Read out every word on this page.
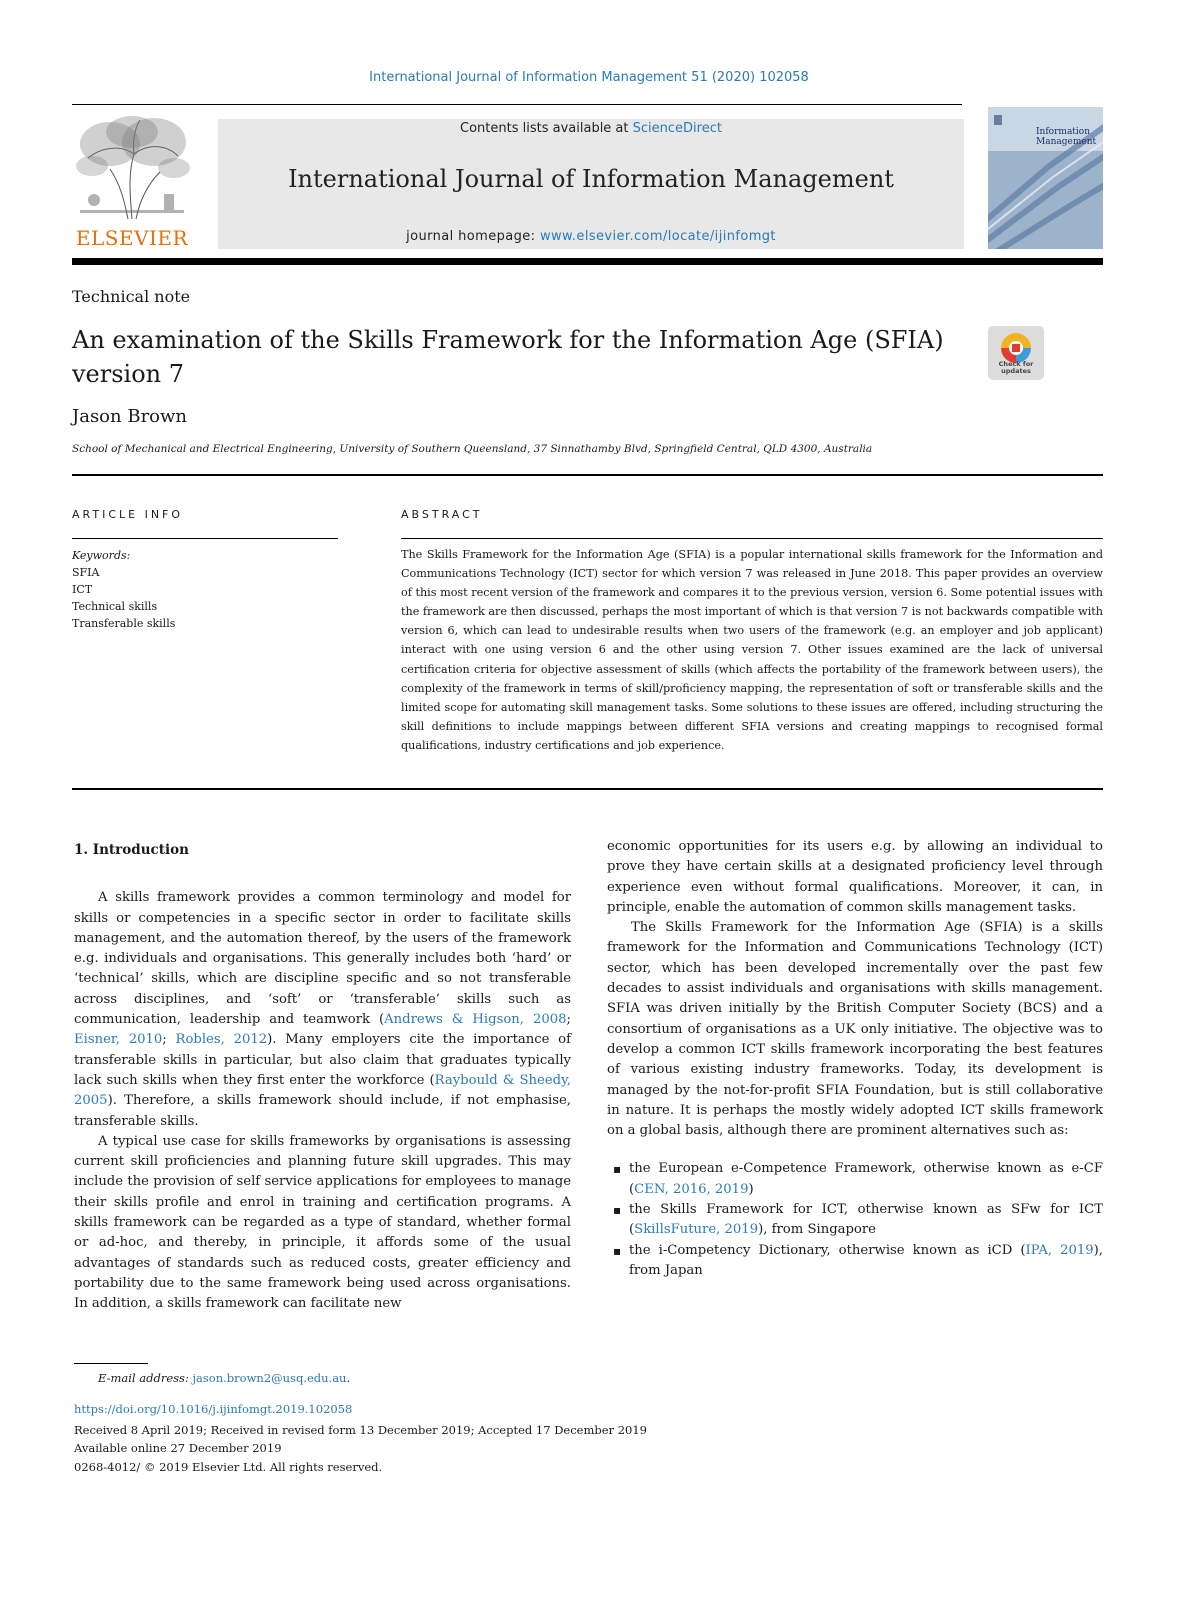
International Journal of Information Management 51 (2020) 102058
ELSEVIER
Contents lists available at ScienceDirect
International Journal of Information Management
journal homepage: www.elsevier.com/locate/ijinfomgt
Information
Management
Technical note
An examination of the Skills Framework for the Information Age (SFIA)
version 7	Check for updates
Jason Brown
School of Mechanical and Electrical Engineering, University of Southern Queensland, 37 Sinnathamby Blvd, Springfield Central, QLD 4300, Australia
ARTICLE INFO
Keywords:
SFIA
ICT
Technical skills
Transferable skills
ABSTRACT
The Skills Framework for the Information Age (SFIA) is a popular international skills framework for the Information and Communications Technology (ICT) sector for which version 7 was released in June 2018. This paper provides an overview of this most recent version of the framework and compares it to the previous version, version 6. Some potential issues with the framework are then discussed, perhaps the most important of which is that version 7 is not backwards compatible with version 6, which can lead to undesirable results when two users of the framework (e.g. an employer and job applicant) interact with one using version 6 and the other using version 7. Other issues examined are the lack of universal certification criteria for objective assessment of skills (which affects the portability of the framework between users), the complexity of the framework in terms of skill/proficiency mapping, the representation of soft or transferable skills and the limited scope for automating skill management tasks. Some solutions to these issues are offered, including structuring the skill definitions to include mappings between different SFIA versions and creating mappings to recognised formal qualifications, industry certifications and job experience.
1. Introduction

A skills framework provides a common terminology and model for skills or competencies in a specific sector in order to facilitate skills management, and the automation thereof, by the users of the framework e.g. individuals and organisations. This generally includes both ‘hard’ or ‘technical’ skills, which are discipline specific and so not transferable across disciplines, and ‘soft’ or ‘transferable’ skills such as communication, leadership and teamwork (Andrews & Higson, 2008; Eisner, 2010; Robles, 2012). Many employers cite the importance of transferable skills in particular, but also claim that graduates typically lack such skills when they first enter the workforce (Raybould & Sheedy, 2005). Therefore, a skills framework should include, if not emphasise, transferable skills.

A typical use case for skills frameworks by organisations is assessing current skill proficiencies and planning future skill upgrades. This may include the provision of self service applications for employees to manage their skills profile and enrol in training and certification programs. A skills framework can be regarded as a type of standard, whether formal or ad-hoc, and thereby, in principle, it affords some of the usual advantages of standards such as reduced costs, greater efficiency and portability due to the same framework being used across organisations. In addition, a skills framework can facilitate new

economic opportunities for its users e.g. by allowing an individual to prove they have certain skills at a designated proficiency level through experience even without formal qualifications. Moreover, it can, in principle, enable the automation of common skills management tasks.

The Skills Framework for the Information Age (SFIA) is a skills framework for the Information and Communications Technology (ICT) sector, which has been developed incrementally over the past few decades to assist individuals and organisations with skills management. SFIA was driven initially by the British Computer Society (BCS) and a consortium of organisations as a UK only initiative. The objective was to develop a common ICT skills framework incorporating the best features of various existing industry frameworks. Today, its development is managed by the not-for-profit SFIA Foundation, but is still collaborative in nature. It is perhaps the mostly widely adopted ICT skills framework on a global basis, although there are prominent alternatives such as:

▪ the European e-Competence Framework, otherwise known as e-CF (CEN, 2016, 2019)
▪ the Skills Framework for ICT, otherwise known as SFw for ICT (SkillsFuture, 2019), from Singapore
▪ the i-Competency Dictionary, otherwise known as iCD (IPA, 2019), from Japan
E-mail address: jason.brown2@usq.edu.au.
https://doi.org/10.1016/j.ijinfomgt.2019.102058
Received 8 April 2019; Received in revised form 13 December 2019; Accepted 17 December 2019
Available online 27 December 2019
0268-4012/ © 2019 Elsevier Ltd. All rights reserved.
